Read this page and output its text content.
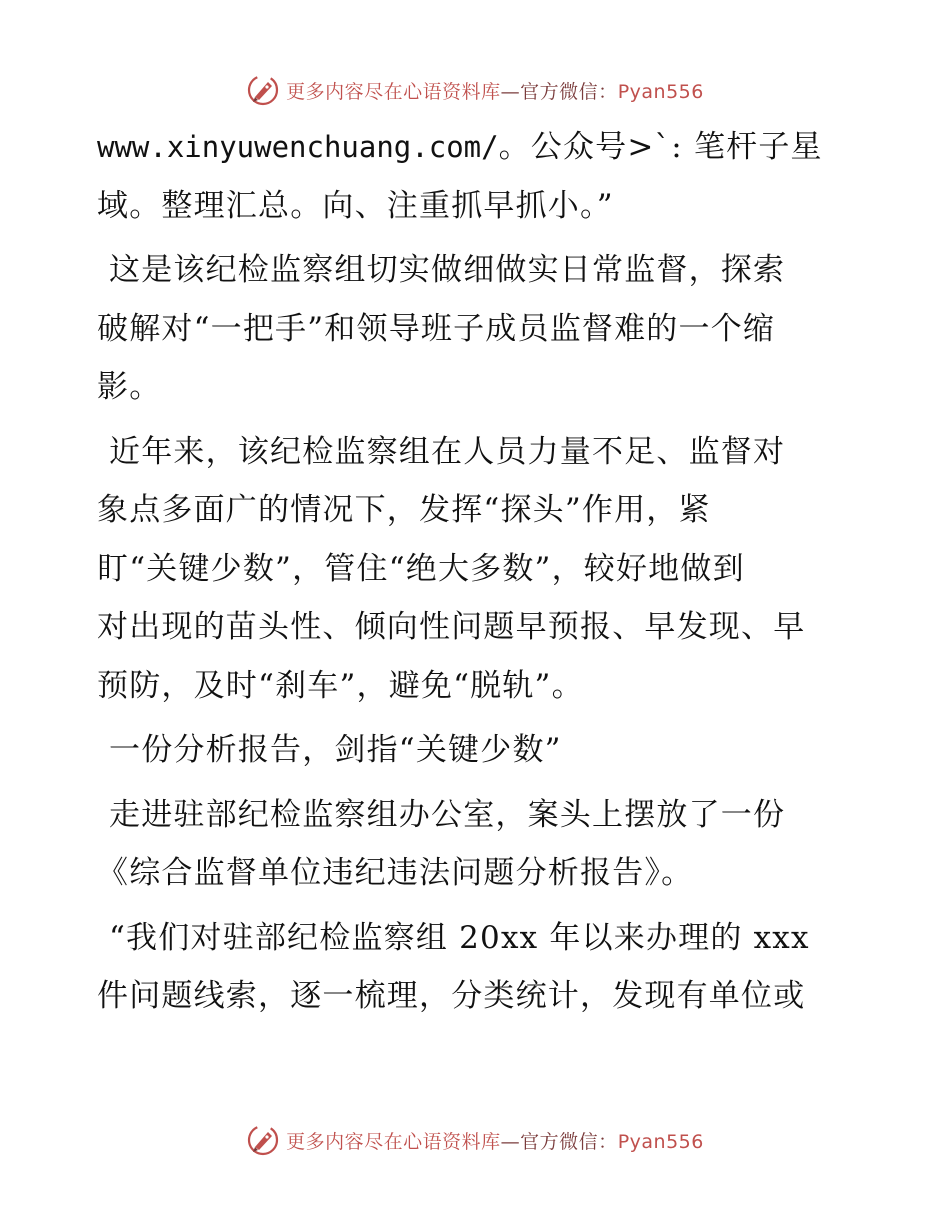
更多内容尽在心语资料库—官方微信：Pyan556

www.xinyuwenchuang.com/。公众号>`: 笔杆子星
域。整理汇总。向、注重抓早抓小。”

这是该纪检监察组切实做细做实日常监督，探索

破解对“一把手”和领导班子成员监督难的一个缩
影。

近年来，该纪检监察组在人员力量不足、监督对

象点多面广的情况下，发挥“探头”作用，紧
盯“关键少数”，管住“绝大多数”，较好地做到
对出现的苗头性、倾向性问题早预报、早发现、早
预防，及时“刹车”，避免“脱轨”。

一份分析报告，剑指“关键少数”

走进驻部纪检监察组办公室，案头上摆放了一份

《综合监督单位违纪违法问题分析报告》。

“我们对驻部纪检监察组 20xx 年以来办理的 xxx

件问题线索，逐一梳理，分类统计，发现有单位或

更多内容尽在心语资料库—官方微信：Pyan556
